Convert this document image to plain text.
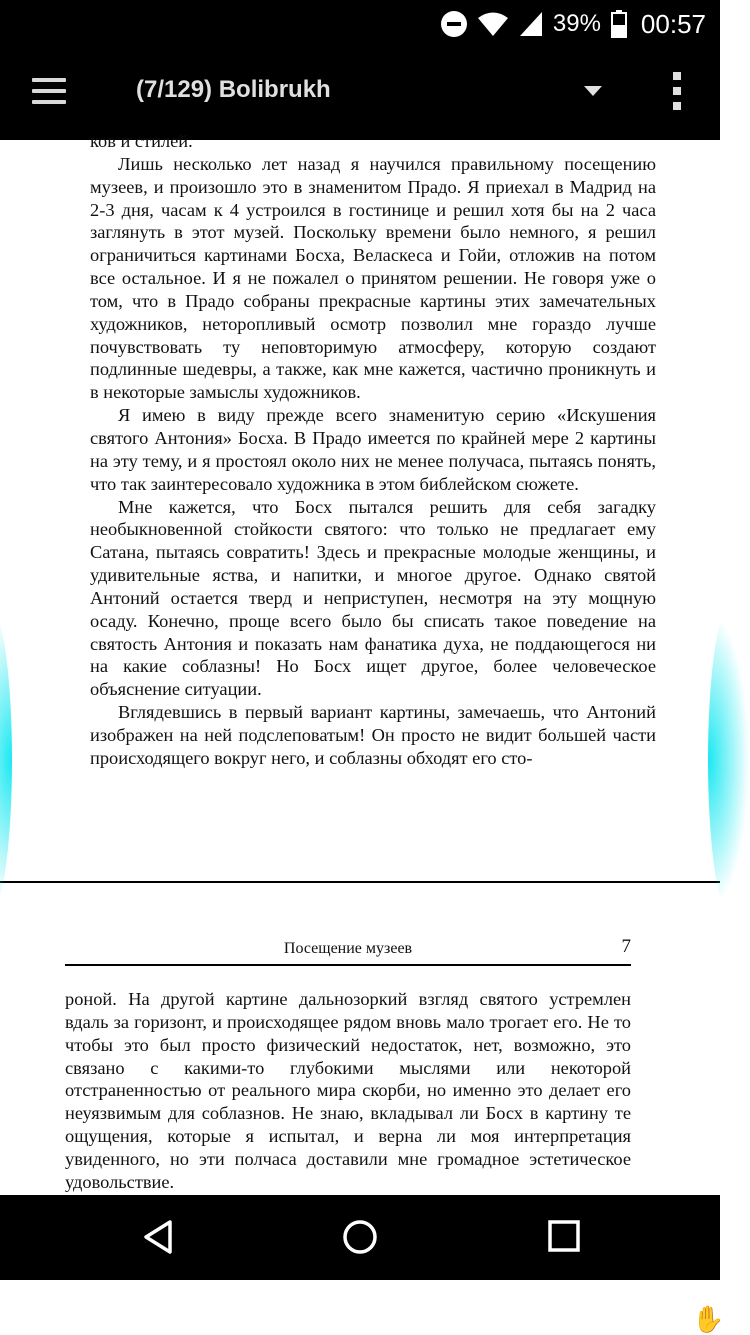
39% 00:57
(7/129) Bolibrukh

ков и стилей.

Лишь несколько лет назад я научился правильному посещению музеев, и произошло это в знаменитом Прадо. Я приехал в Мадрид на 2-3 дня, часам к 4 устроился в гостинице и решил хотя бы на 2 часа заглянуть в этот музей. Поскольку времени было немного, я решил ограничиться картинами Босха, Веласкеса и Гойи, отложив на потом все остальное. И я не пожалел о принятом решении. Не говоря уже о том, что в Прадо собраны прекрасные картины этих замечательных художников, неторопливый осмотр позволил мне гораздо лучше почувствовать ту неповторимую атмосферу, которую создают подлинные шедевры, а также, как мне кажется, частично проникнуть и в некоторые замыслы художников.

Я имею в виду прежде всего знаменитую серию «Искушения святого Антония» Босха. В Прадо имеется по крайней мере 2 картины на эту тему, и я простоял около них не менее получаса, пытаясь понять, что так заинтересовало художника в этом библейском сюжете.

Мне кажется, что Босх пытался решить для себя загадку необыкновенной стойкости святого: что только не предлагает ему Сатана, пытаясь совратить! Здесь и прекрасные молодые женщины, и удивительные яства, и напитки, и многое другое. Однако святой Антоний остается тверд и неприступен, несмотря на эту мощную осаду. Конечно, проще всего было бы списать такое поведение на святость Антония и показать нам фанатика духа, не поддающегося ни на какие соблазны! Но Босх ищет другое, более человеческое объяснение ситуации.

Вглядевшись в первый вариант картины, замечаешь, что Антоний изображен на ней подслеповатым! Он просто не видит большей части происходящего вокруг него, и соблазны обходят его сто-

Посещение музеев	7

роной. На другой картине дальнозоркий взгляд святого устремлен вдаль за горизонт, и происходящее рядом вновь мало трогает его. Не то чтобы это был просто физический недостаток, нет, возможно, это связано с какими-то глубокими мыслями или некоторой отстраненностью от реального мира скорби, но именно это делает его неуязвимым для соблазнов. Не знаю, вкладывал ли Босх в картину те ощущения, которые я испытал, и верна ли моя интерпретация увиденного, но эти полчаса доставили мне громадное эстетическое удовольствие.

✋
